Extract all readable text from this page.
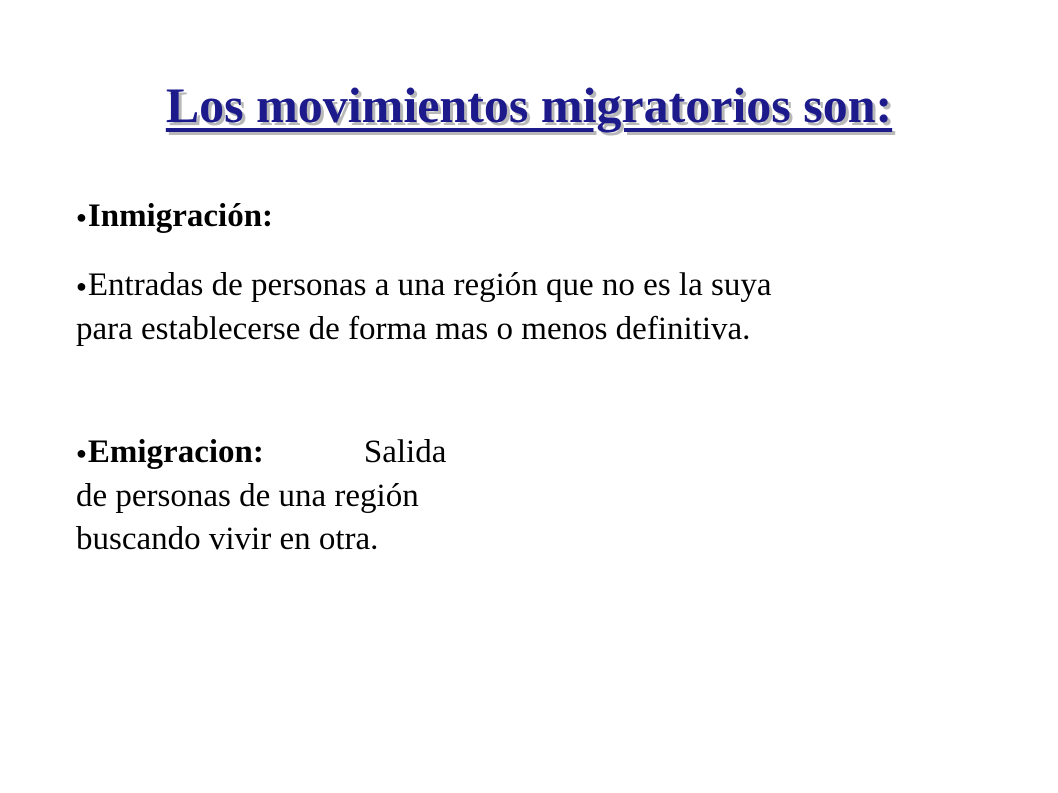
Los movimientos migratorios son:
●Inmigración:
●Entradas de personas a una región que no es la suya
para establecerse de forma mas o menos definitiva.
●Emigracion:	Salida
de personas de una región
buscando vivir en otra.
